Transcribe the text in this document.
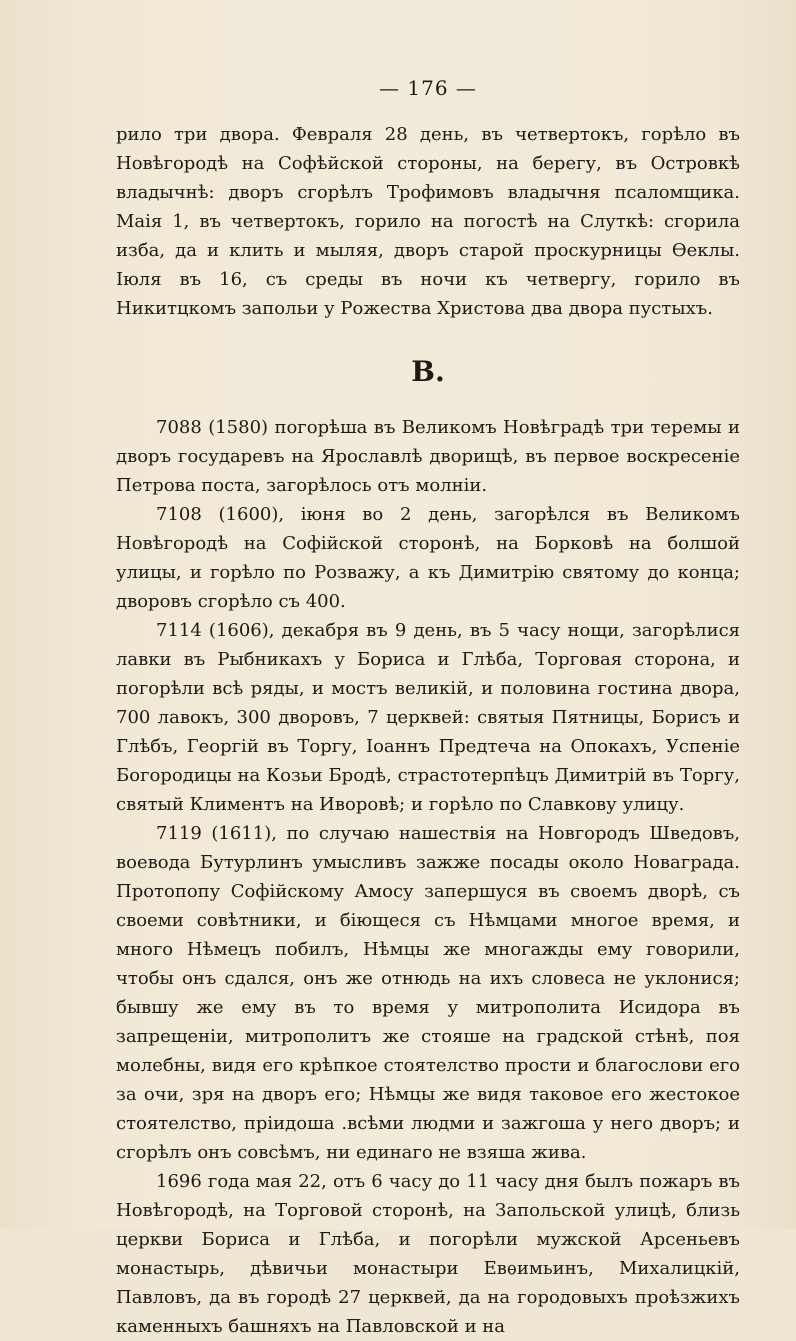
— 176 —

рило три двора. Февраля 28 день, въ четвертокъ, горѣло въ Новѣгородѣ на Софѣйской стороны, на берегу, въ Островкѣ владычнѣ: дворъ сгорѣлъ Трофимовъ владычня псаломщика. Маія 1, въ четвертокъ, горило на погостѣ на Слуткѣ: сгорила изба, да и клить и мыляя, дворъ старой проскурницы Ѳеклы. Іюля въ 16, съ среды въ ночи къ четвергу, горило въ Никитцкомъ запольи у Рожества Христова два двора пустыхъ.

В.

7088 (1580) погорѣша въ Великомъ Новѣградѣ три теремы и дворъ государевъ на Ярославлѣ дворищѣ, въ первое воскресеніе Петрова поста, загорѣлось отъ молніи.

7108 (1600), іюня во 2 день, загорѣлся въ Великомъ Новѣгородѣ на Софійской сторонѣ, на Борковѣ на болшой улицы, и горѣло по Розважу, а къ Димитрію святому до конца; дворовъ сгорѣло съ 400.

7114 (1606), декабря въ 9 день, въ 5 часу нощи, загорѣлися лавки въ Рыбникахъ у Бориса и Глѣба, Торговая сторона, и погорѣли всѣ ряды, и мостъ великій, и половина гостина двора, 700 лавокъ, 300 дворовъ, 7 церквей: святыя Пятницы, Борисъ и Глѣбъ, Георгій въ Торгу, Іоаннъ Предтеча на Опокахъ, Успеніе Богородицы на Козьи Бродѣ, страстотерпѣцъ Димитрій въ Торгу, святый Климентъ на Иворовѣ; и горѣло по Славкову улицу.

7119 (1611), по случаю нашествія на Новгородъ Шведовъ, воевода Бутурлинъ умысливъ зажже посады около Новаграда. Протопопу Софійскому Амосу запершуся въ своемъ дворѣ, съ своеми совѣтники, и біющеся съ Нѣмцами многое время, и много Нѣмецъ побилъ, Нѣмцы же многажды ему говорили, чтобы онъ сдался, онъ же отнюдь на ихъ словеса не уклонися; бывшу же ему въ то время у митрополита Исидора въ запрещеніи, митрополитъ же стояше на градской стѣнѣ, поя молебны, видя его крѣпкое стоятелство прости и благослови его за очи, зря на дворъ его; Нѣмцы же видя таковое его жестокое стоятелство, пріидоша .всѣми людми и зажгоша у него дворъ; и сгорѣлъ онъ совсѣмъ, ни единаго не взяша жива.

1696 года мая 22, отъ 6 часу до 11 часу дня былъ пожаръ въ Новѣгородѣ, на Торговой сторонѣ, на Запольской улицѣ, близь церкви Бориса и Глѣба, и погорѣли мужской Арсеньевъ монастырь, дѣвичьи монастыри Евѳимьинъ, Михалицкій, Павловъ, да въ городѣ 27 церквей, да на городовыхъ проѣзжихъ каменныхъ башняхъ на Павловской и на
